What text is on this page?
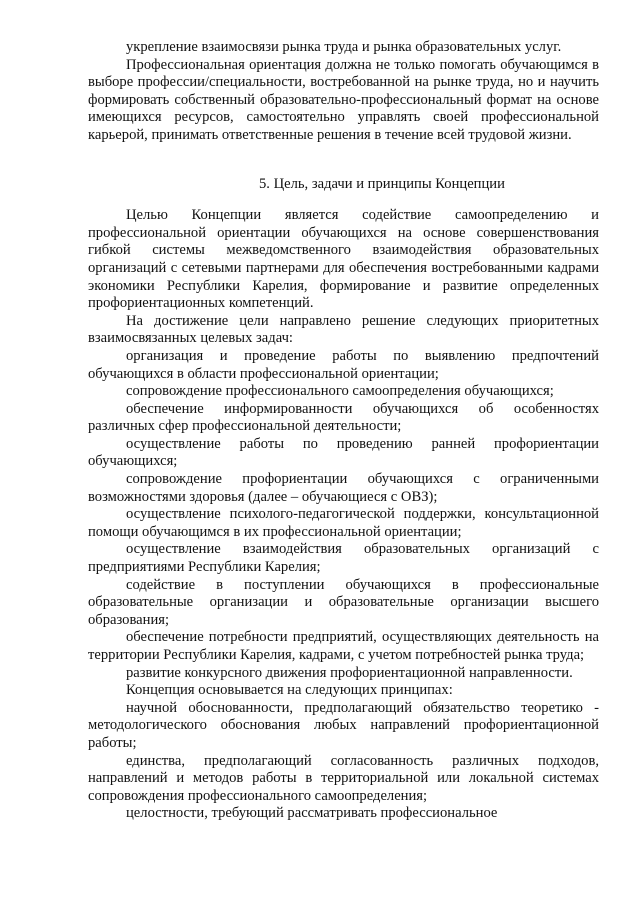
укрепление взаимосвязи рынка труда и рынка образовательных услуг.

Профессиональная ориентация должна не только помогать обучающимся в выборе профессии/специальности, востребованной на рынке труда, но и научить формировать собственный образовательно-профессиональный формат на основе имеющихся ресурсов, самостоятельно управлять своей профессиональной карьерой, принимать ответственные решения в течение всей трудовой жизни.

5. Цель, задачи и принципы Концепции

Целью Концепции является содействие самоопределению и профессиональной ориентации обучающихся на основе совершенствования гибкой системы межведомственного взаимодействия образовательных организаций с сетевыми партнерами для обеспечения востребованными кадрами экономики Республики Карелия, формирование и развитие определенных профориентационных компетенций.

На достижение цели направлено решение следующих приоритетных взаимосвязанных целевых задач:

организация и проведение работы по выявлению предпочтений обучающихся в области профессиональной ориентации;

сопровождение профессионального самоопределения обучающихся;

обеспечение информированности обучающихся об особенностях различных сфер профессиональной деятельности;

осуществление работы по проведению ранней профориентации обучающихся;

сопровождение профориентации обучающихся с ограниченными возможностями здоровья (далее – обучающиеся с ОВЗ);

осуществление психолого-педагогической поддержки, консультационной помощи обучающимся в их профессиональной ориентации;

осуществление взаимодействия образовательных организаций с предприятиями Республики Карелия;

содействие в поступлении обучающихся в профессиональные образовательные организации и образовательные организации высшего образования;

обеспечение потребности предприятий, осуществляющих деятельность на территории Республики Карелия, кадрами, с учетом потребностей рынка труда;

развитие конкурсного движения профориентационной направленности.

Концепция основывается на следующих принципах:

научной обоснованности, предполагающий обязательство теоретико - методологического обоснования любых направлений профориентационной работы;

единства, предполагающий согласованность различных подходов, направлений и методов работы в территориальной или локальной системах сопровождения профессионального самоопределения;

целостности, требующий рассматривать профессиональное
